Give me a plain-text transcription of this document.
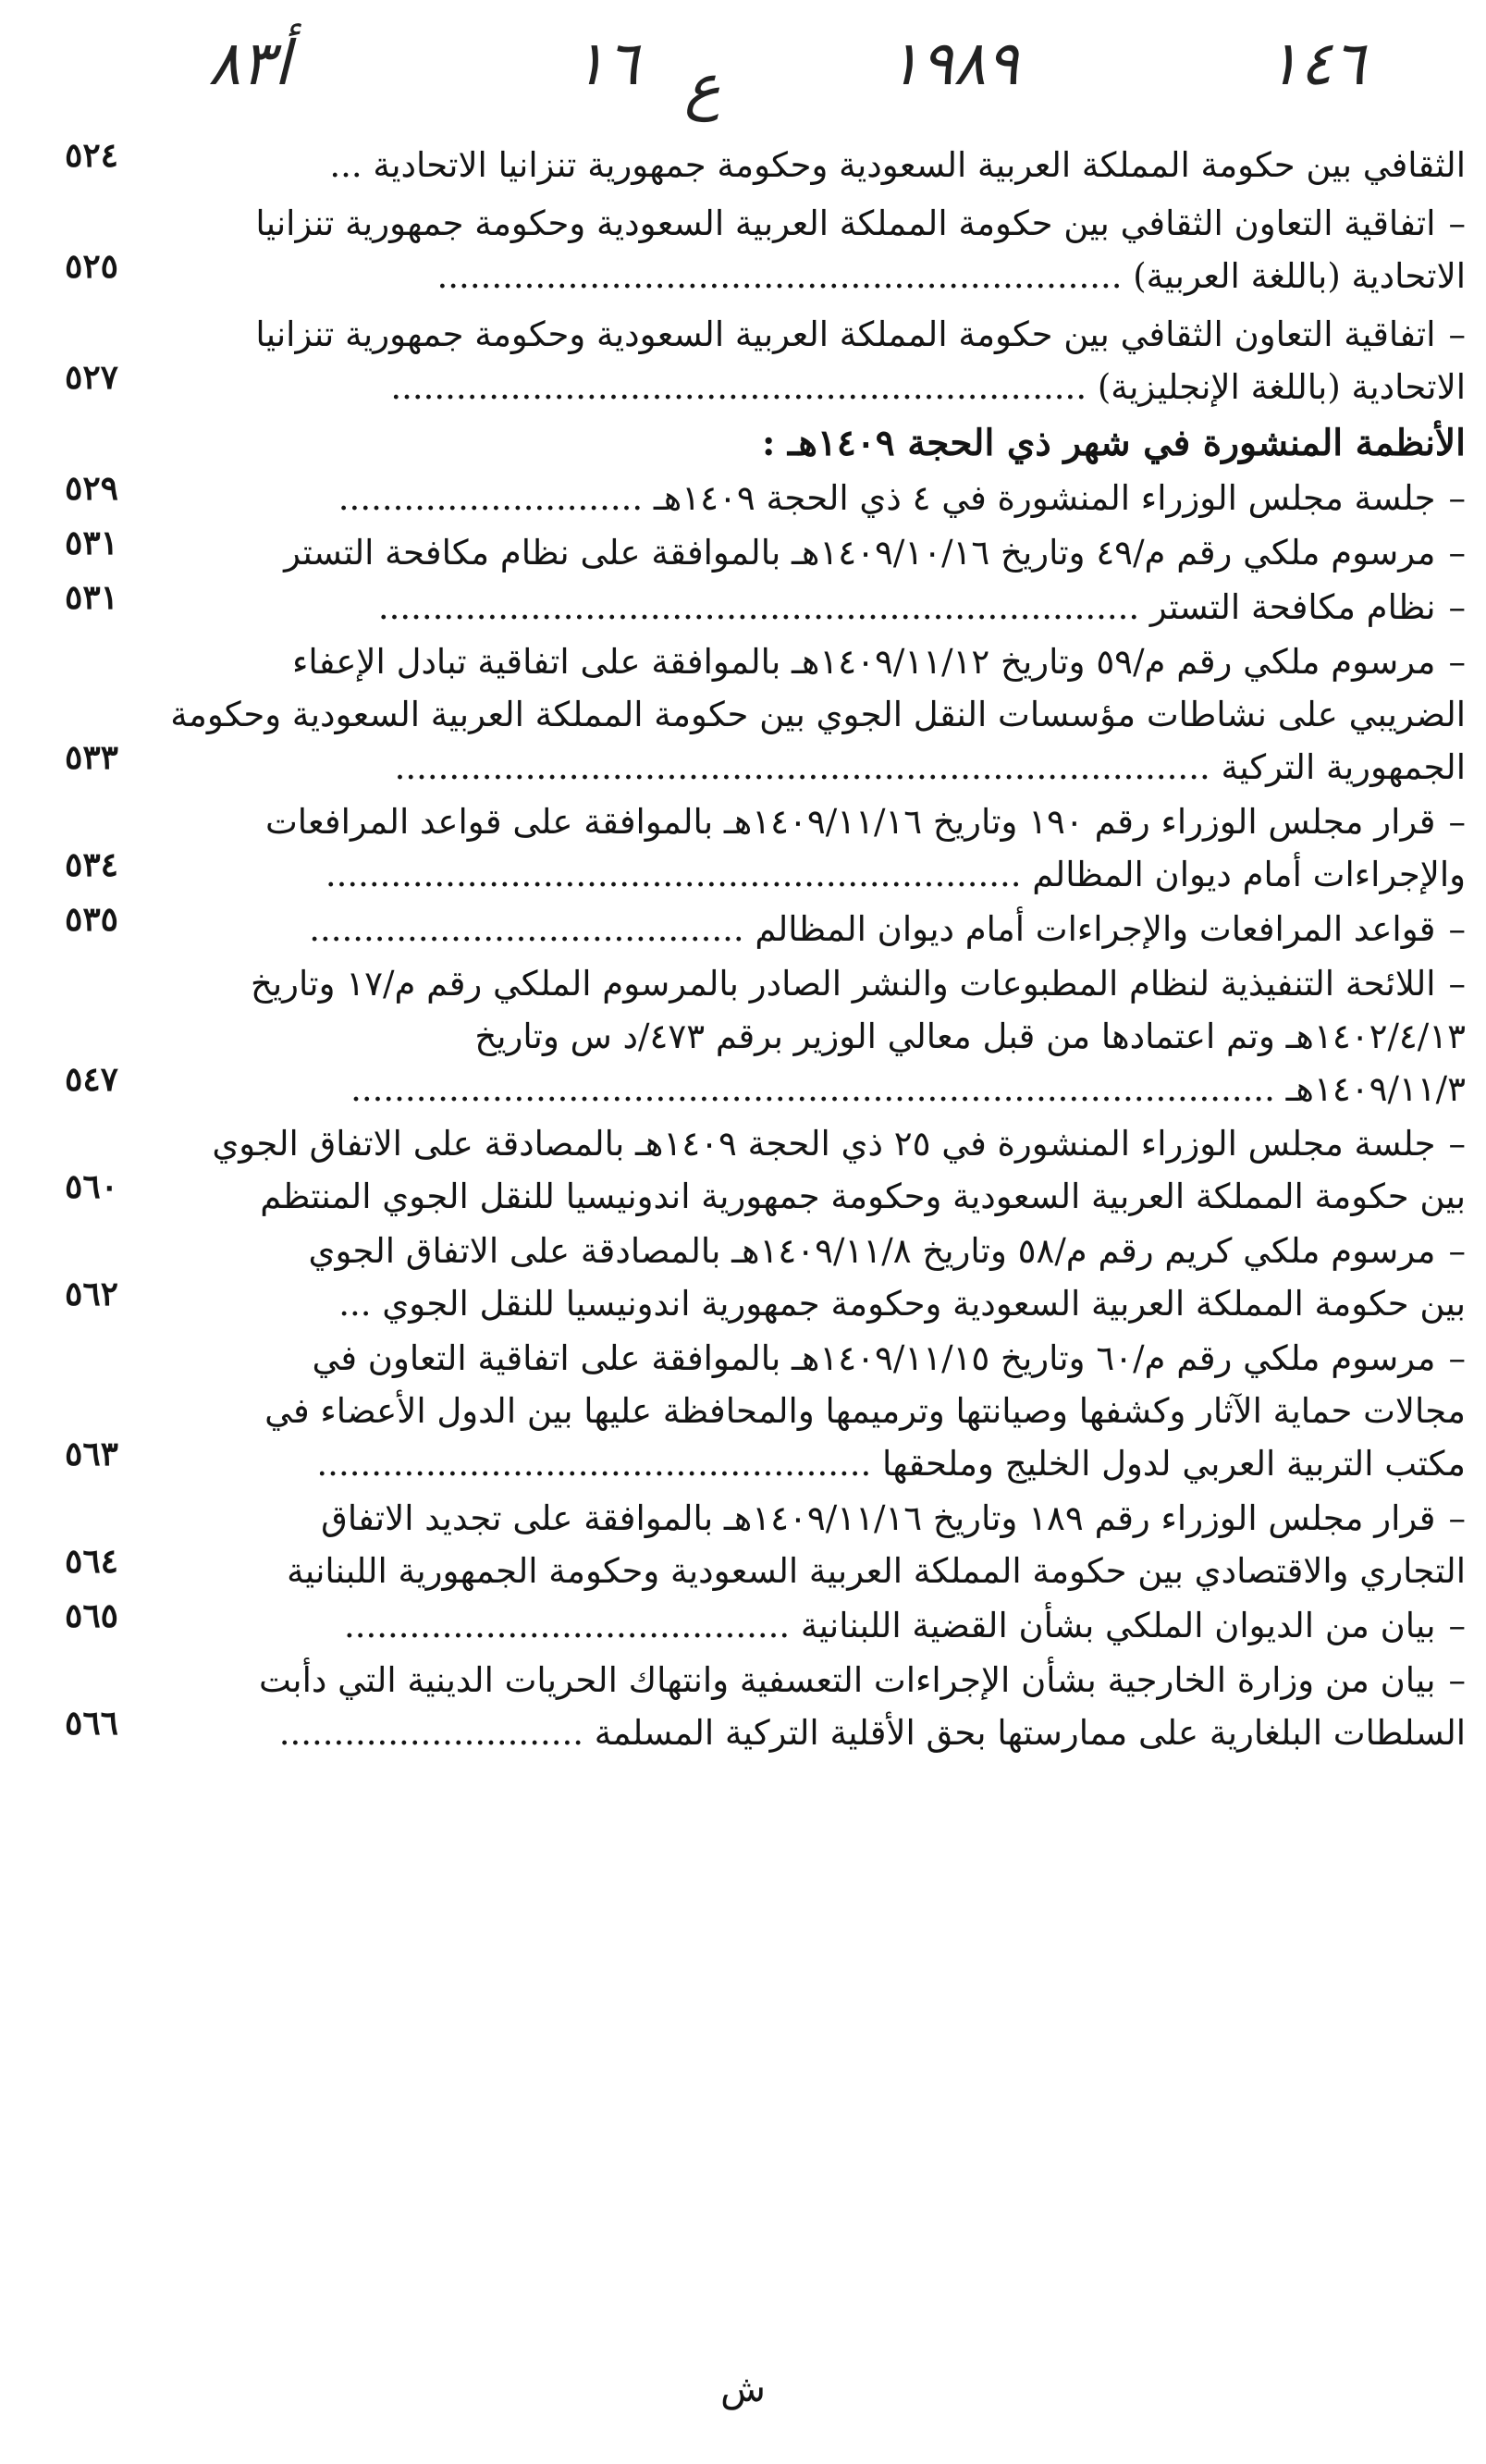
أ٨٣	١٦ ع	١٩٨٩	١٤٦
الثقافي بين حكومة المملكة العربية السعودية وحكومة جمهورية تنزانيا الاتحادية ...
٥٢٤
–اتفاقية التعاون الثقافي بين حكومة المملكة العربية السعودية وحكومة جمهورية تنزانيا
الاتحادية (باللغة العربية) ...............................................................
٥٢٥
–اتفاقية التعاون الثقافي بين حكومة المملكة العربية السعودية وحكومة جمهورية تنزانيا
الاتحادية (باللغة الإنجليزية) ................................................................
٥٢٧
الأنظمة المنشورة في شهر ذي الحجة ١٤٠٩هـ :
–جلسة مجلس الوزراء المنشورة في ٤ ذي الحجة ١٤٠٩هـ ............................
٥٢٩
–مرسوم ملكي رقم م/٤٩ وتاريخ ١٤٠٩/١٠/١٦هـ بالموافقة على نظام مكافحة التستر
٥٣١
–نظام مكافحة التستر ......................................................................
٥٣١
–مرسوم ملكي رقم م/٥٩ وتاريخ ١٤٠٩/١١/١٢هـ بالموافقة على اتفاقية تبادل الإعفاء
الضريبي على نشاطات مؤسسات النقل الجوي بين حكومة المملكة العربية السعودية وحكومة
الجمهورية التركية ...........................................................................
٥٣٣
–قرار مجلس الوزراء رقم ١٩٠ وتاريخ ١٤٠٩/١١/١٦هـ بالموافقة على قواعد المرافعات
والإجراءات أمام ديوان المظالم ................................................................
٥٣٤
–قواعد المرافعات والإجراءات أمام ديوان المظالم ........................................
٥٣٥
–اللائحة التنفيذية لنظام المطبوعات والنشر الصادر بالمرسوم الملكي رقم م/١٧ وتاريخ
١٤٠٢/٤/١٣هـ وتم اعتمادها من قبل معالي الوزير برقم ٤٧٣/د س وتاريخ
١٤٠٩/١١/٣هـ .....................................................................................
٥٤٧
–جلسة مجلس الوزراء المنشورة في ٢٥ ذي الحجة ١٤٠٩هـ بالمصادقة على الاتفاق الجوي
بين حكومة المملكة العربية السعودية وحكومة جمهورية اندونيسيا للنقل الجوي المنتظم
٥٦٠
–مرسوم ملكي كريم رقم م/٥٨ وتاريخ ١٤٠٩/١١/٨هـ بالمصادقة على الاتفاق الجوي
بين حكومة المملكة العربية السعودية وحكومة جمهورية اندونيسيا للنقل الجوي ...
٥٦٢
–مرسوم ملكي رقم م/٦٠ وتاريخ ١٤٠٩/١١/١٥هـ بالموافقة على اتفاقية التعاون في
مجالات حماية الآثار وكشفها وصيانتها وترميمها والمحافظة عليها بين الدول الأعضاء في
مكتب التربية العربي لدول الخليج وملحقها ...................................................
٥٦٣
–قرار مجلس الوزراء رقم ١٨٩ وتاريخ ١٤٠٩/١١/١٦هـ بالموافقة على تجديد الاتفاق
التجاري والاقتصادي بين حكومة المملكة العربية السعودية وحكومة الجمهورية اللبنانية
٥٦٤
–بيان من الديوان الملكي بشأن القضية اللبنانية .........................................
٥٦٥
–بيان من وزارة الخارجية بشأن الإجراءات التعسفية وانتهاك الحريات الدينية التي دأبت
السلطات البلغارية على ممارستها بحق الأقلية التركية المسلمة ............................
٥٦٦
ش
